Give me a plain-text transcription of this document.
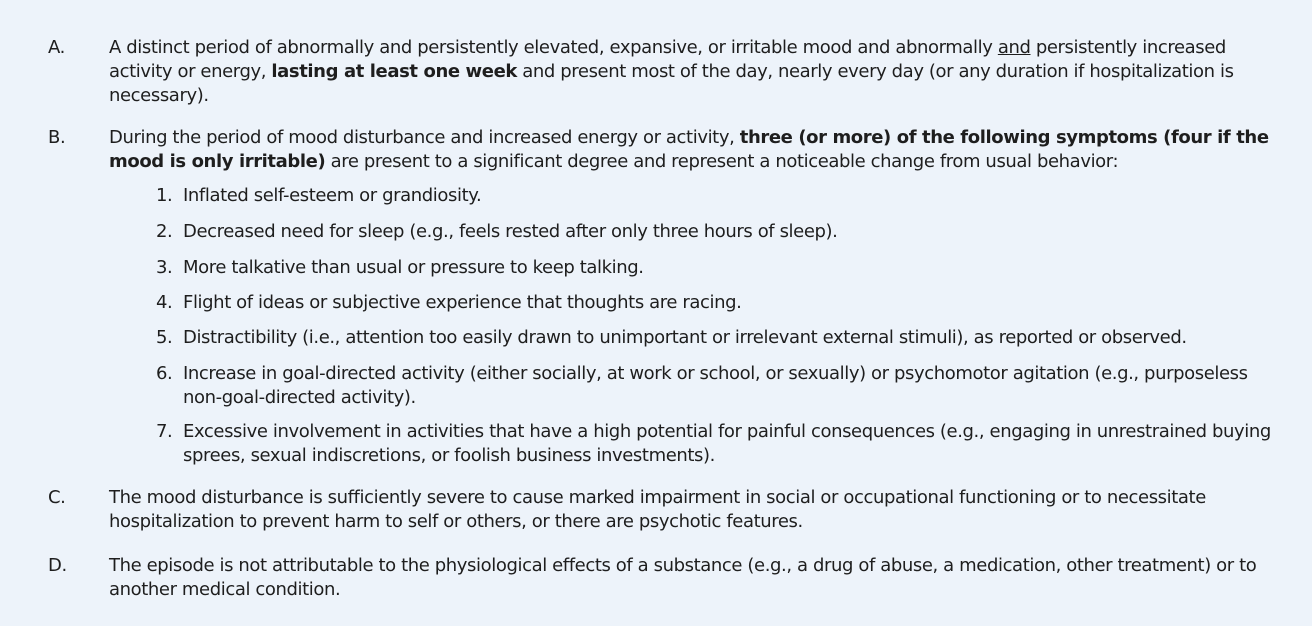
A. A distinct period of abnormally and persistently elevated, expansive, or irritable mood and abnormally and persistently increased activity or energy, lasting at least one week and present most of the day, nearly every day (or any duration if hospitalization is necessary).
B. During the period of mood disturbance and increased energy or activity, three (or more) of the following symptoms (four if the mood is only irritable) are present to a significant degree and represent a noticeable change from usual behavior:
1. Inflated self-esteem or grandiosity.
2. Decreased need for sleep (e.g., feels rested after only three hours of sleep).
3. More talkative than usual or pressure to keep talking.
4. Flight of ideas or subjective experience that thoughts are racing.
5. Distractibility (i.e., attention too easily drawn to unimportant or irrelevant external stimuli), as reported or observed.
6. Increase in goal-directed activity (either socially, at work or school, or sexually) or psychomotor agitation (e.g., purposeless non-goal-directed activity).
7. Excessive involvement in activities that have a high potential for painful consequences (e.g., engaging in unrestrained buying sprees, sexual indiscretions, or foolish business investments).
C. The mood disturbance is sufficiently severe to cause marked impairment in social or occupational functioning or to necessitate hospitalization to prevent harm to self or others, or there are psychotic features.
D. The episode is not attributable to the physiological effects of a substance (e.g., a drug of abuse, a medication, other treatment) or to another medical condition.
